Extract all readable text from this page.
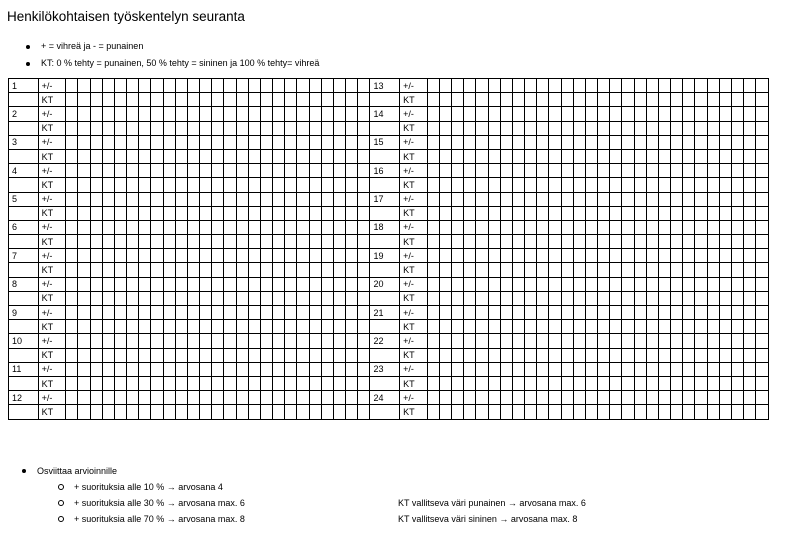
Henkilökohtaisen työskentelyn seuranta
+ = vihreä ja - = punainen
KT: 0 % tehty = punainen, 50 % tehty = sininen ja 100 % tehty= vihreä
1	+/-																										13	+/-																												
	KT																											KT																												
2	+/-																										14	+/-																												
	KT																											KT																												
3	+/-																										15	+/-																												
	KT																											KT																												
4	+/-																										16	+/-																												
	KT																											KT																												
5	+/-																										17	+/-																												
	KT																											KT																												
6	+/-																										18	+/-																												
	KT																											KT																												
7	+/-																										19	+/-																												
	KT																											KT																												
8	+/-																										20	+/-																												
	KT																											KT																												
9	+/-																										21	+/-																												
	KT																											KT																												
10	+/-																										22	+/-																												
	KT																											KT																												
11	+/-																										23	+/-																												
	KT																											KT																												
12	+/-																										24	+/-																												
	KT																											KT																												
Osviittaa arvioinnille
+ suorituksia alle 10 % → arvosana 4
+ suorituksia alle 30 % → arvosana max. 6	KT vallitseva väri punainen → arvosana max. 6
+ suorituksia alle 70 % → arvosana max. 8	KT vallitseva väri sininen → arvosana max. 8
